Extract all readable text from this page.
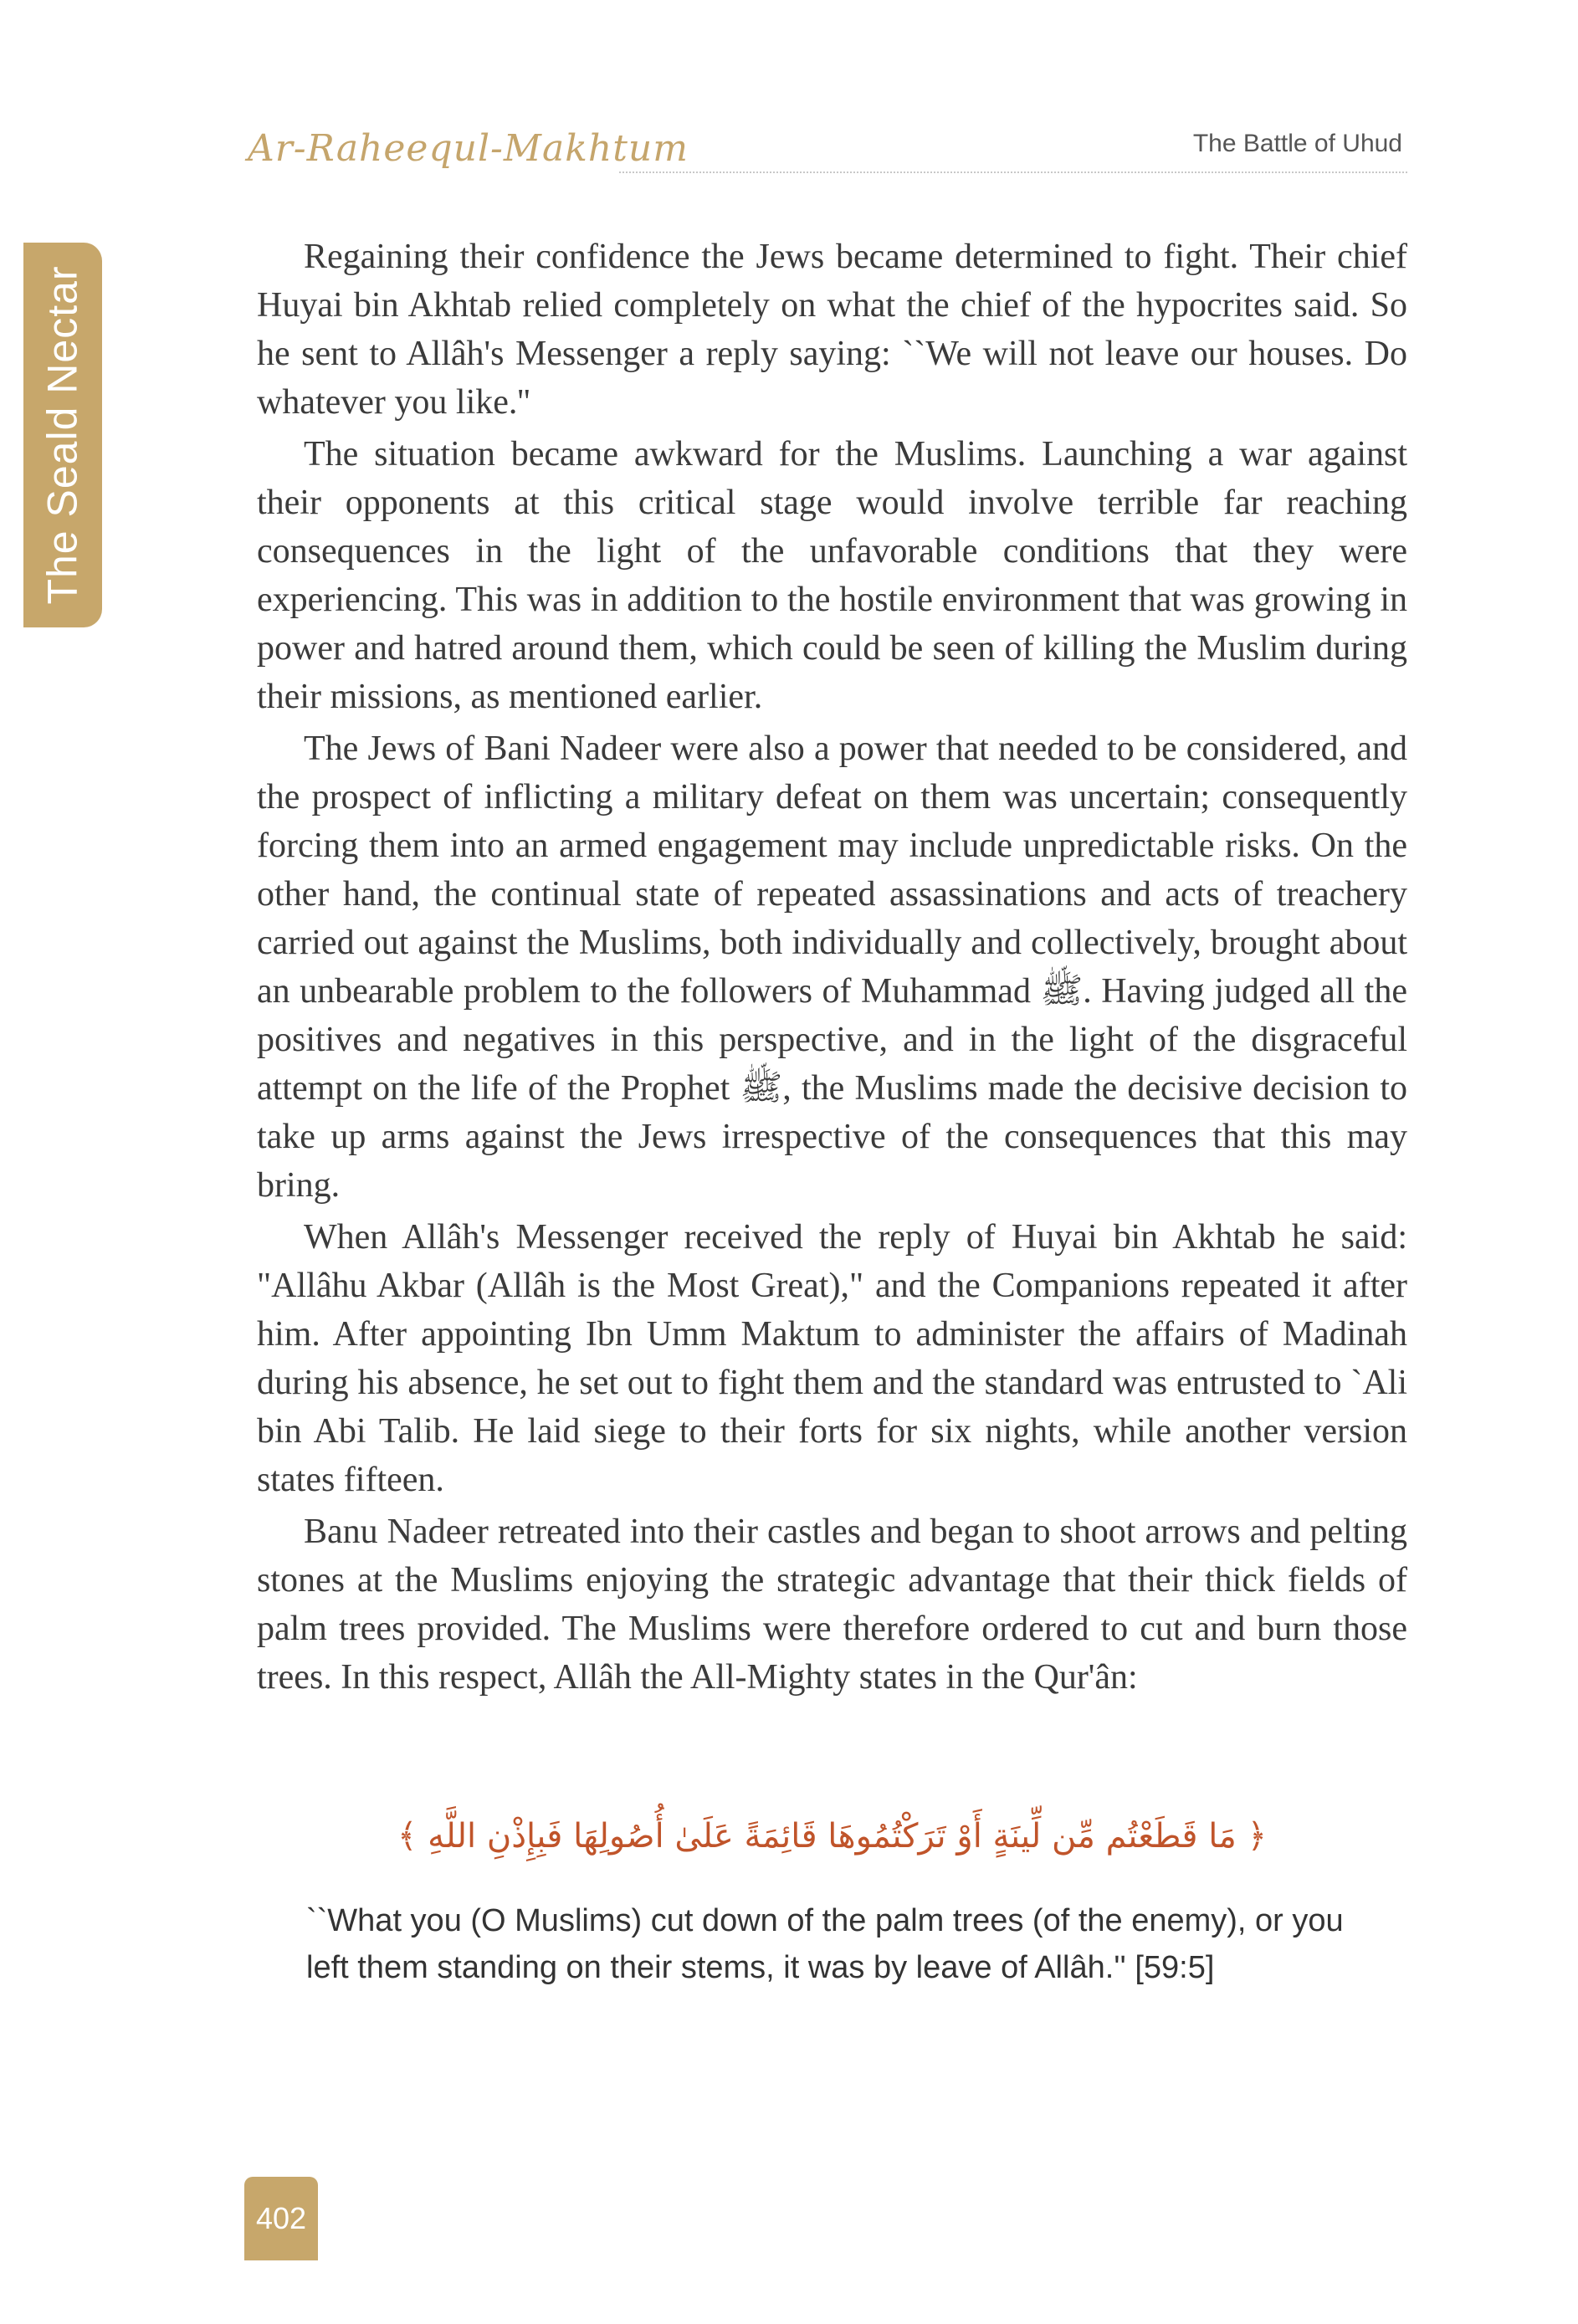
The Seald Nectar
Ar-Raheequl-Makhtum	The Battle of Uhud

Regaining their confidence the Jews became determined to fight. Their chief Huyai bin Akhtab relied completely on what the chief of the hypocrites said. So he sent to Allâh's Messenger a reply saying: ``We will not leave our houses. Do whatever you like.''

The situation became awkward for the Muslims. Launching a war against their opponents at this critical stage would involve terrible far reaching consequences in the light of the unfavorable conditions that they were experiencing. This was in addition to the hostile environment that was growing in power and hatred around them, which could be seen of killing the Muslim during their missions, as mentioned earlier.

The Jews of Bani Nadeer were also a power that needed to be considered, and the prospect of inflicting a military defeat on them was uncertain; consequently forcing them into an armed engagement may include unpredictable risks. On the other hand, the continual state of repeated assassinations and acts of treachery carried out against the Muslims, both individually and collectively, brought about an unbearable problem to the followers of Muhammad ﷺ. Having judged all the positives and negatives in this perspective, and in the light of the disgraceful attempt on the life of the Prophet ﷺ, the Muslims made the decisive decision to take up arms against the Jews irrespective of the consequences that this may bring.

When Allâh's Messenger received the reply of Huyai bin Akhtab he said: "Allâhu Akbar (Allâh is the Most Great)," and the Companions repeated it after him. After appointing Ibn Umm Maktum to administer the affairs of Madinah during his absence, he set out to fight them and the standard was entrusted to `Ali bin Abi Talib. He laid siege to their forts for six nights, while another version states fifteen.

Banu Nadeer retreated into their castles and began to shoot arrows and pelting stones at the Muslims enjoying the strategic advantage that their thick fields of palm trees provided. The Muslims were therefore ordered to cut and burn those trees. In this respect, Allâh the All-Mighty states in the Qur'ân:

﴿ مَا قَطَعْتُم مِّن لِّينَةٍ أَوْ تَرَكْتُمُوهَا قَائِمَةً عَلَىٰ أُصُولِهَا فَبِإِذْنِ اللَّهِ ﴾
``What you (O Muslims) cut down of the palm trees (of the enemy), or you left them standing on their stems, it was by leave of Allâh.'' [59:5]
402
